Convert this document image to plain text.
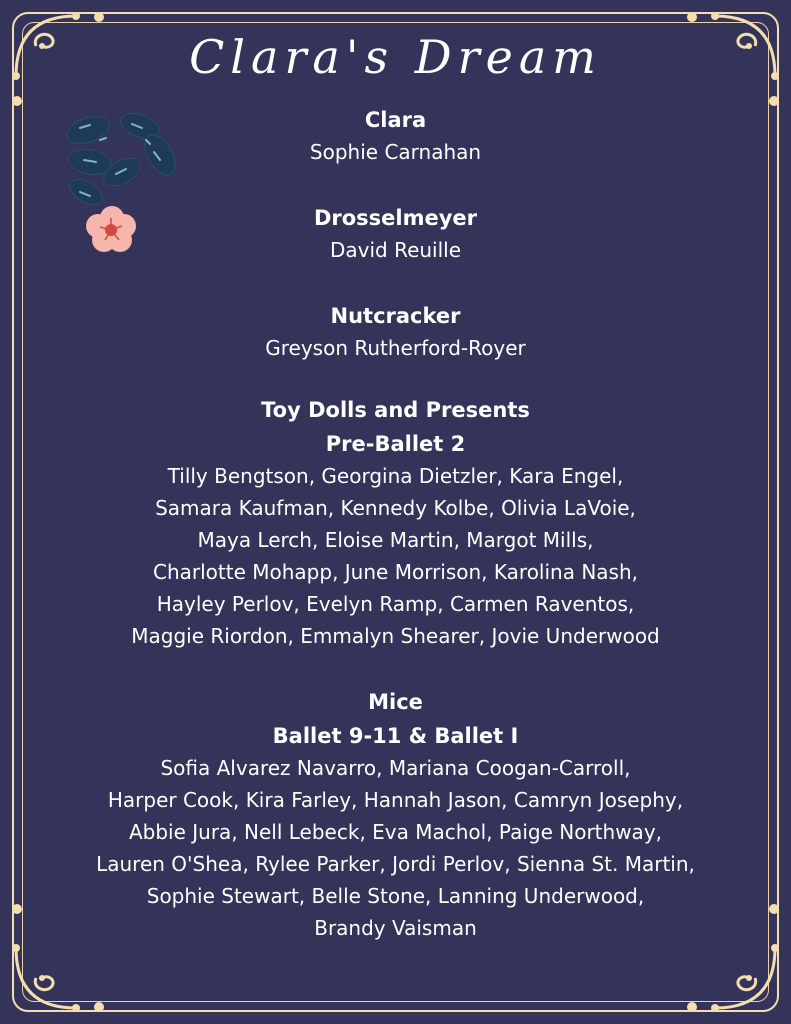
Clara's Dream

Clara

Sophie Carnahan

Drosselmeyer

David Reuille

Nutcracker

Greyson Rutherford-Royer

Toy Dolls and Presents

Pre-Ballet 2

Tilly Bengtson, Georgina Dietzler, Kara Engel,

Samara Kaufman, Kennedy Kolbe, Olivia LaVoie,

Maya Lerch, Eloise Martin, Margot Mills,

Charlotte Mohapp, June Morrison, Karolina Nash,

Hayley Perlov, Evelyn Ramp, Carmen Raventos,

Maggie Riordon, Emmalyn Shearer, Jovie Underwood

Mice

Ballet 9-11 & Ballet I

Sofia Alvarez Navarro, Mariana Coogan-Carroll,

Harper Cook, Kira Farley, Hannah Jason, Camryn Josephy,

Abbie Jura, Nell Lebeck, Eva Machol, Paige Northway,

Lauren O'Shea, Rylee Parker, Jordi Perlov, Sienna St. Martin,

Sophie Stewart, Belle Stone, Lanning Underwood,

Brandy Vaisman
